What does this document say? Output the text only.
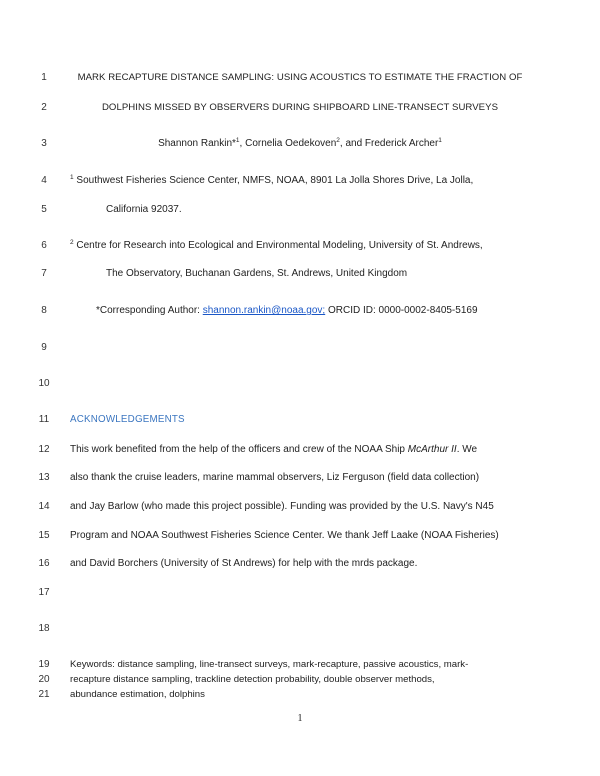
1
2
3
4
5
6
7
8
9
10
11
12
13
14
15
16
17
18
19
20
21
MARK RECAPTURE DISTANCE SAMPLING: USING ACOUSTICS TO ESTIMATE THE FRACTION OF
DOLPHINS MISSED BY OBSERVERS DURING SHIPBOARD LINE-TRANSECT SURVEYS
Shannon Rankin*$^1$, Cornelia Oedekoven$^2$, and Frederick Archer$^1$
$^1$ Southwest Fisheries Science Center, NMFS, NOAA, 8901 La Jolla Shores Drive, La Jolla,
California 92037.
$^2$ Centre for Research into Ecological and Environmental Modeling, University of St. Andrews,
The Observatory, Buchanan Gardens, St. Andrews, United Kingdom
*Corresponding Author: shannon.rankin@noaa.gov; ORCID ID: 0000-0002-8405-5169
ACKNOWLEDGEMENTS
This work benefited from the help of the officers and crew of the NOAA Ship McArthur II. We
also thank the cruise leaders, marine mammal observers, Liz Ferguson (field data collection)
and Jay Barlow (who made this project possible). Funding was provided by the U.S. Navy's N45
Program and NOAA Southwest Fisheries Science Center. We thank Jeff Laake (NOAA Fisheries)
and David Borchers (University of St Andrews) for help with the mrds package.
Keywords: distance sampling, line-transect surveys, mark-recapture, passive acoustics, mark-
recapture distance sampling, trackline detection probability, double observer methods,
abundance estimation, dolphins
1
